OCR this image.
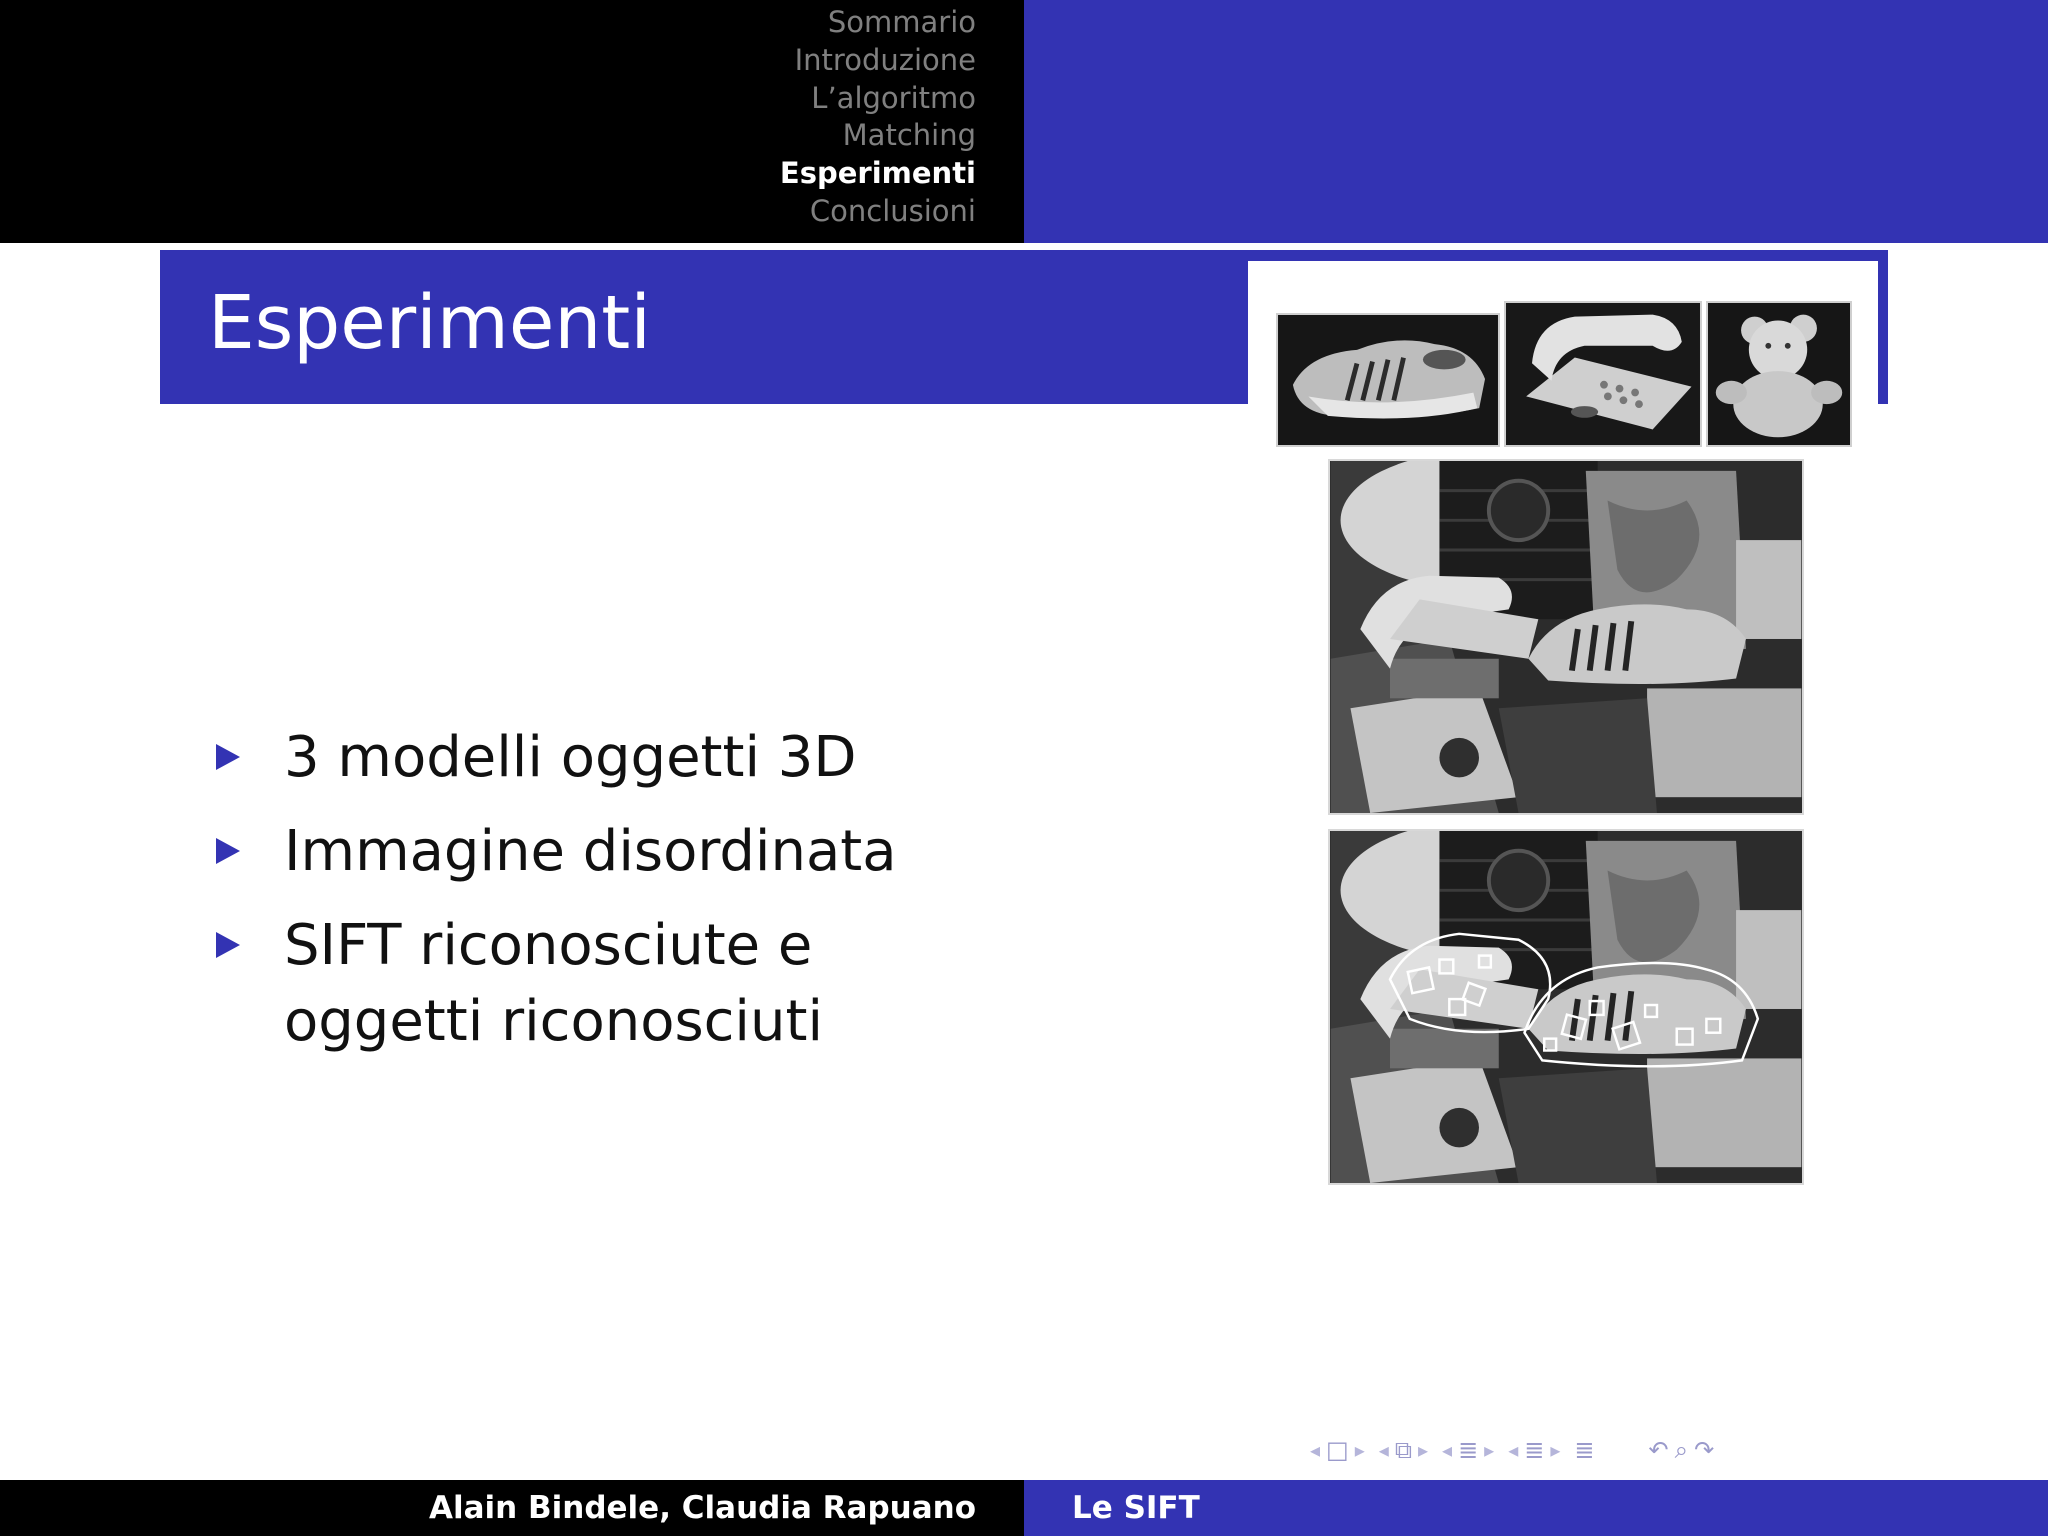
Sommario
Introduzione
L’algoritmo
Matching
Esperimenti
Conclusioni
Esperimenti
3 modelli oggetti 3D
Immagine disordinata
SIFT riconosciute e oggetti riconosciuti
◂ □ ▸ ◂ ⧉ ▸ ◂ ≣ ▸ ◂ ≣ ▸ ≣ ↶ ⌕ ↷
Alain Bindele, Claudia Rapuano	Le SIFT
